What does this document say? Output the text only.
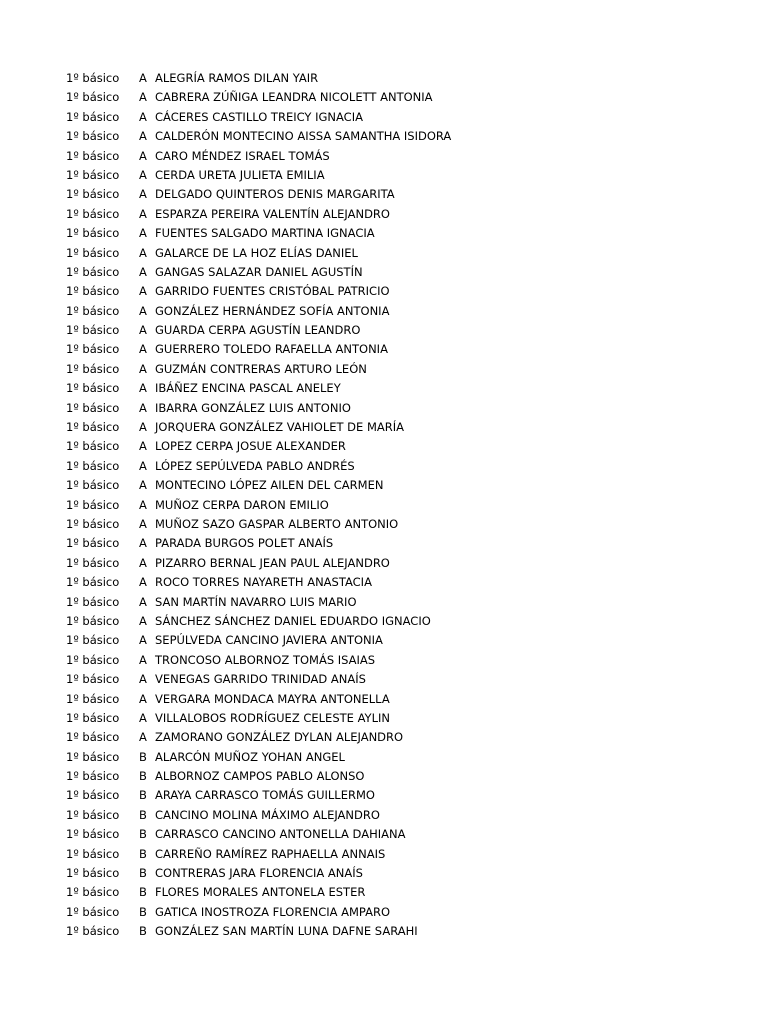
1º básico A ALEGRÍA RAMOS DILAN YAIR
1º básico A CABRERA ZÚÑIGA LEANDRA NICOLETT ANTONIA
1º básico A CÁCERES CASTILLO TREICY IGNACIA
1º básico A CALDERÓN MONTECINO AISSA SAMANTHA ISIDORA
1º básico A CARO MÉNDEZ ISRAEL TOMÁS
1º básico A CERDA URETA JULIETA EMILIA
1º básico A DELGADO QUINTEROS DENIS MARGARITA
1º básico A ESPARZA PEREIRA VALENTÍN ALEJANDRO
1º básico A FUENTES SALGADO MARTINA IGNACIA
1º básico A GALARCE DE LA HOZ ELÍAS DANIEL
1º básico A GANGAS SALAZAR DANIEL AGUSTÍN
1º básico A GARRIDO FUENTES CRISTÓBAL PATRICIO
1º básico A GONZÁLEZ HERNÁNDEZ SOFÍA ANTONIA
1º básico A GUARDA CERPA AGUSTÍN LEANDRO
1º básico A GUERRERO TOLEDO RAFAELLA ANTONIA
1º básico A GUZMÁN CONTRERAS ARTURO LEÓN
1º básico A IBÁÑEZ ENCINA PASCAL ANELEY
1º básico A IBARRA GONZÁLEZ LUIS ANTONIO
1º básico A JORQUERA GONZÁLEZ VAHIOLET DE MARÍA
1º básico A LOPEZ CERPA JOSUE ALEXANDER
1º básico A LÓPEZ SEPÚLVEDA PABLO ANDRÉS
1º básico A MONTECINO LÓPEZ AILEN DEL CARMEN
1º básico A MUÑOZ CERPA DARON EMILIO
1º básico A MUÑOZ SAZO GASPAR ALBERTO ANTONIO
1º básico A PARADA BURGOS POLET ANAÍS
1º básico A PIZARRO BERNAL JEAN PAUL ALEJANDRO
1º básico A ROCO TORRES NAYARETH ANASTACIA
1º básico A SAN MARTÍN NAVARRO LUIS MARIO
1º básico A SÁNCHEZ SÁNCHEZ DANIEL EDUARDO IGNACIO
1º básico A SEPÚLVEDA CANCINO JAVIERA ANTONIA
1º básico A TRONCOSO ALBORNOZ TOMÁS ISAIAS
1º básico A VENEGAS GARRIDO TRINIDAD ANAÍS
1º básico A VERGARA MONDACA MAYRA ANTONELLA
1º básico A VILLALOBOS RODRÍGUEZ CELESTE AYLIN
1º básico A ZAMORANO GONZÁLEZ DYLAN ALEJANDRO
1º básico B ALARCÓN MUÑOZ YOHAN ANGEL
1º básico B ALBORNOZ CAMPOS PABLO ALONSO
1º básico B ARAYA CARRASCO TOMÁS GUILLERMO
1º básico B CANCINO MOLINA MÁXIMO ALEJANDRO
1º básico B CARRASCO CANCINO ANTONELLA DAHIANA
1º básico B CARREÑO RAMÍREZ RAPHAELLA ANNAIS
1º básico B CONTRERAS JARA FLORENCIA ANAÍS
1º básico B FLORES MORALES ANTONELA ESTER
1º básico B GATICA INOSTROZA FLORENCIA AMPARO
1º básico B GONZÁLEZ SAN MARTÍN LUNA DAFNE SARAHI
